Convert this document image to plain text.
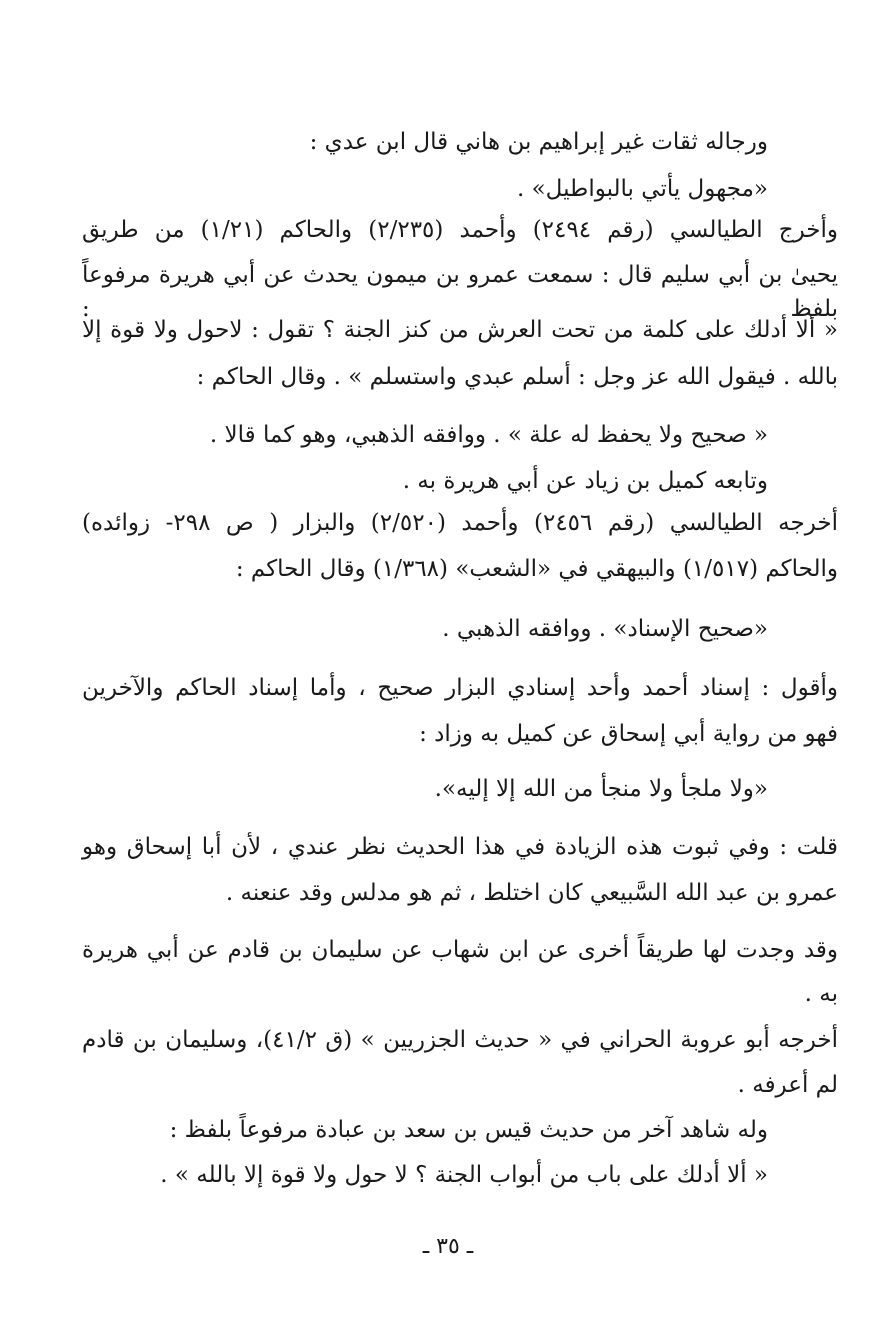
ورجاله ثقات غير إبراهيم بن هاني قال ابن عدي :
«مجهول يأتي بالبواطيل» .
وأخرج الطيالسي (رقم ٢٤٩٤) وأحمد (٢/٢٣٥) والحاكم (١/٢١) من طريق
يحيىٰ بن أبي سليم قال : سمعت عمرو بن ميمون يحدث عن أبي هريرة مرفوعاً بلفظ :
« ألا أدلك على كلمة من تحت العرش من كنز الجنة ؟ تقول : لاحول ولا قوة إلا
بالله . فيقول الله عز وجل : أسلم عبدي واستسلم » . وقال الحاكم :
« صحيح ولا يحفظ له علة » . ووافقه الذهبي، وهو كما قالا .
وتابعه كميل بن زياد عن أبي هريرة به .
أخرجه الطيالسي (رقم ٢٤٥٦) وأحمد (٢/٥٢٠) والبزار ( ص ٢٩٨- زوائده)
والحاكم (١/٥١٧) والبيهقي في «الشعب» (١/٣٦٨) وقال الحاكم :
«صحيح الإسناد» . ووافقه الذهبي .
وأقول : إسناد أحمد وأحد إسنادي البزار صحيح ، وأما إسناد الحاكم والآخرين
فهو من رواية أبي إسحاق عن كميل به وزاد :
«ولا ملجأ ولا منجأ من الله إلا إليه».
قلت : وفي ثبوت هذه الزيادة في هذا الحديث نظر عندي ، لأن أبا إسحاق وهو
عمرو بن عبد الله السَّبيعي كان اختلط ، ثم هو مدلس وقد عنعنه .
وقد وجدت لها طريقاً أخرى عن ابن شهاب عن سليمان بن قادم عن أبي هريرة
به .
أخرجه أبو عروبة الحراني في « حديث الجزريين » (ق ٤١/٢)، وسليمان بن قادم
لم أعرفه .
وله شاهد آخر من حديث قيس بن سعد بن عبادة مرفوعاً بلفظ :
« ألا أدلك على باب من أبواب الجنة ؟ لا حول ولا قوة إلا بالله » .
ـ ٣٥ ـ
